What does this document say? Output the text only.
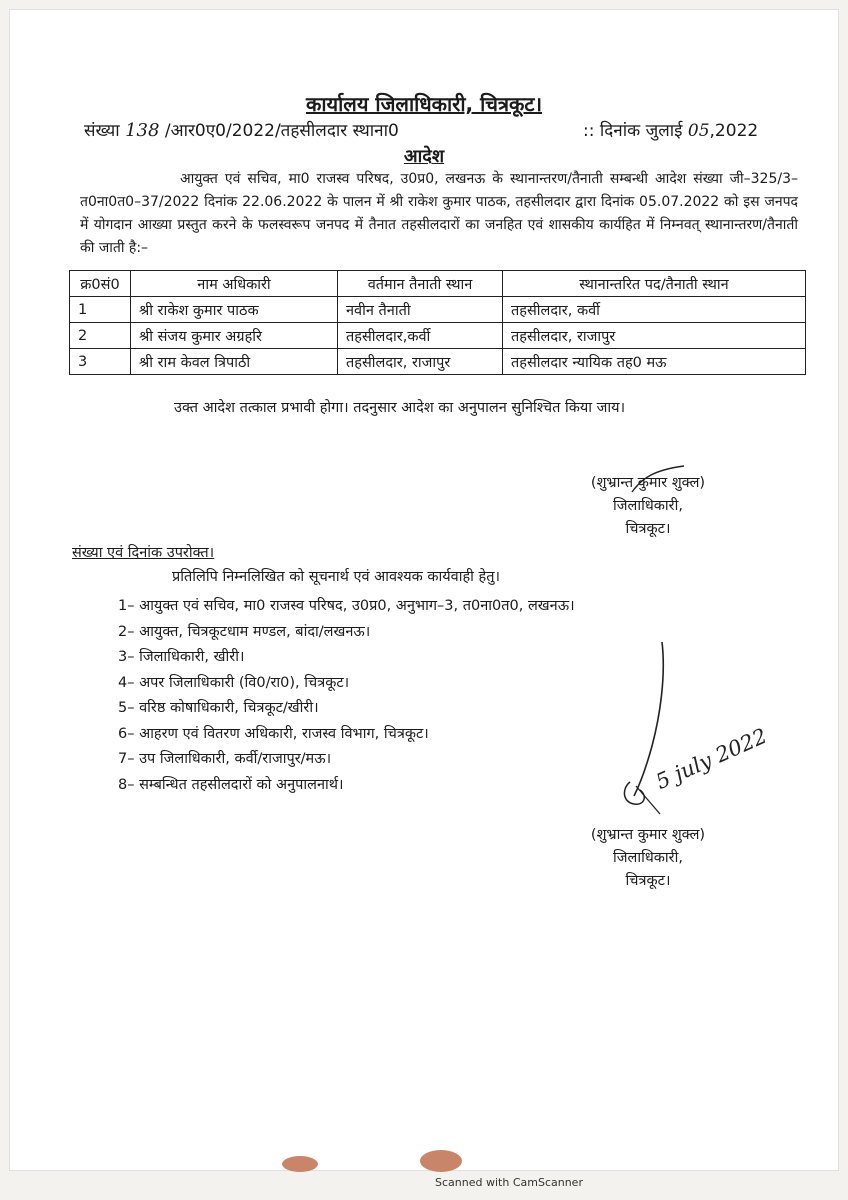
कार्यालय जिलाधिकारी, चित्रकूट।
संख्या 138 /आर0ए0/2022/तहसीलदार स्थाना0	:: दिनांक जुलाई 05,2022
आदेश
आयुक्त एवं सचिव, मा0 राजस्व परिषद, उ0प्र0, लखनऊ के स्थानान्तरण/तैनाती सम्बन्धी आदेश संख्या जी–325/3–त0ना0त0–37/2022 दिनांक 22.06.2022 के पालन में श्री राकेश कुमार पाठक, तहसीलदार द्वारा दिनांक 05.07.2022 को इस जनपद में योगदान आख्या प्रस्तुत करने के फलस्वरूप जनपद में तैनात तहसीलदारों का जनहित एवं शासकीय कार्यहित में निम्नवत् स्थानान्तरण/तैनाती की जाती है:–
क्र0सं0	नाम अधिकारी	वर्तमान तैनाती स्थान	स्थानान्तरित पद/तैनाती स्थान
1	श्री राकेश कुमार पाठक	नवीन तैनाती	तहसीलदार, कर्वी
2	श्री संजय कुमार अग्रहरि	तहसीलदार,कर्वी	तहसीलदार, राजापुर
3	श्री राम केवल त्रिपाठी	तहसीलदार, राजापुर	तहसीलदार न्यायिक तह0 मऊ
उक्त आदेश तत्काल प्रभावी होगा। तदनुसार आदेश का अनुपालन सुनिश्चित किया जाय।
(शुभ्रान्त कुमार शुक्ल)
जिलाधिकारी,
चित्रकूट।
संख्या एवं दिनांक उपरोक्त।
प्रतिलिपि निम्नलिखित को सूचनार्थ एवं आवश्यक कार्यवाही हेतु।
1– आयुक्त एवं सचिव, मा0 राजस्व परिषद, उ0प्र0, अनुभाग–3, त0ना0त0, लखनऊ।
2– आयुक्त, चित्रकूटधाम मण्डल, बांदा/लखनऊ।
3– जिलाधिकारी, खीरी।
4– अपर जिलाधिकारी (वि0/रा0), चित्रकूट।
5– वरिष्ठ कोषाधिकारी, चित्रकूट/खीरी।
6– आहरण एवं वितरण अधिकारी, राजस्व विभाग, चित्रकूट।
7– उप जिलाधिकारी, कर्वी/राजापुर/मऊ।
8– सम्बन्धित तहसीलदारों को अनुपालनार्थ।	5 july 2022
(शुभ्रान्त कुमार शुक्ल)
जिलाधिकारी,
चित्रकूट।
Scanned with CamScanner
